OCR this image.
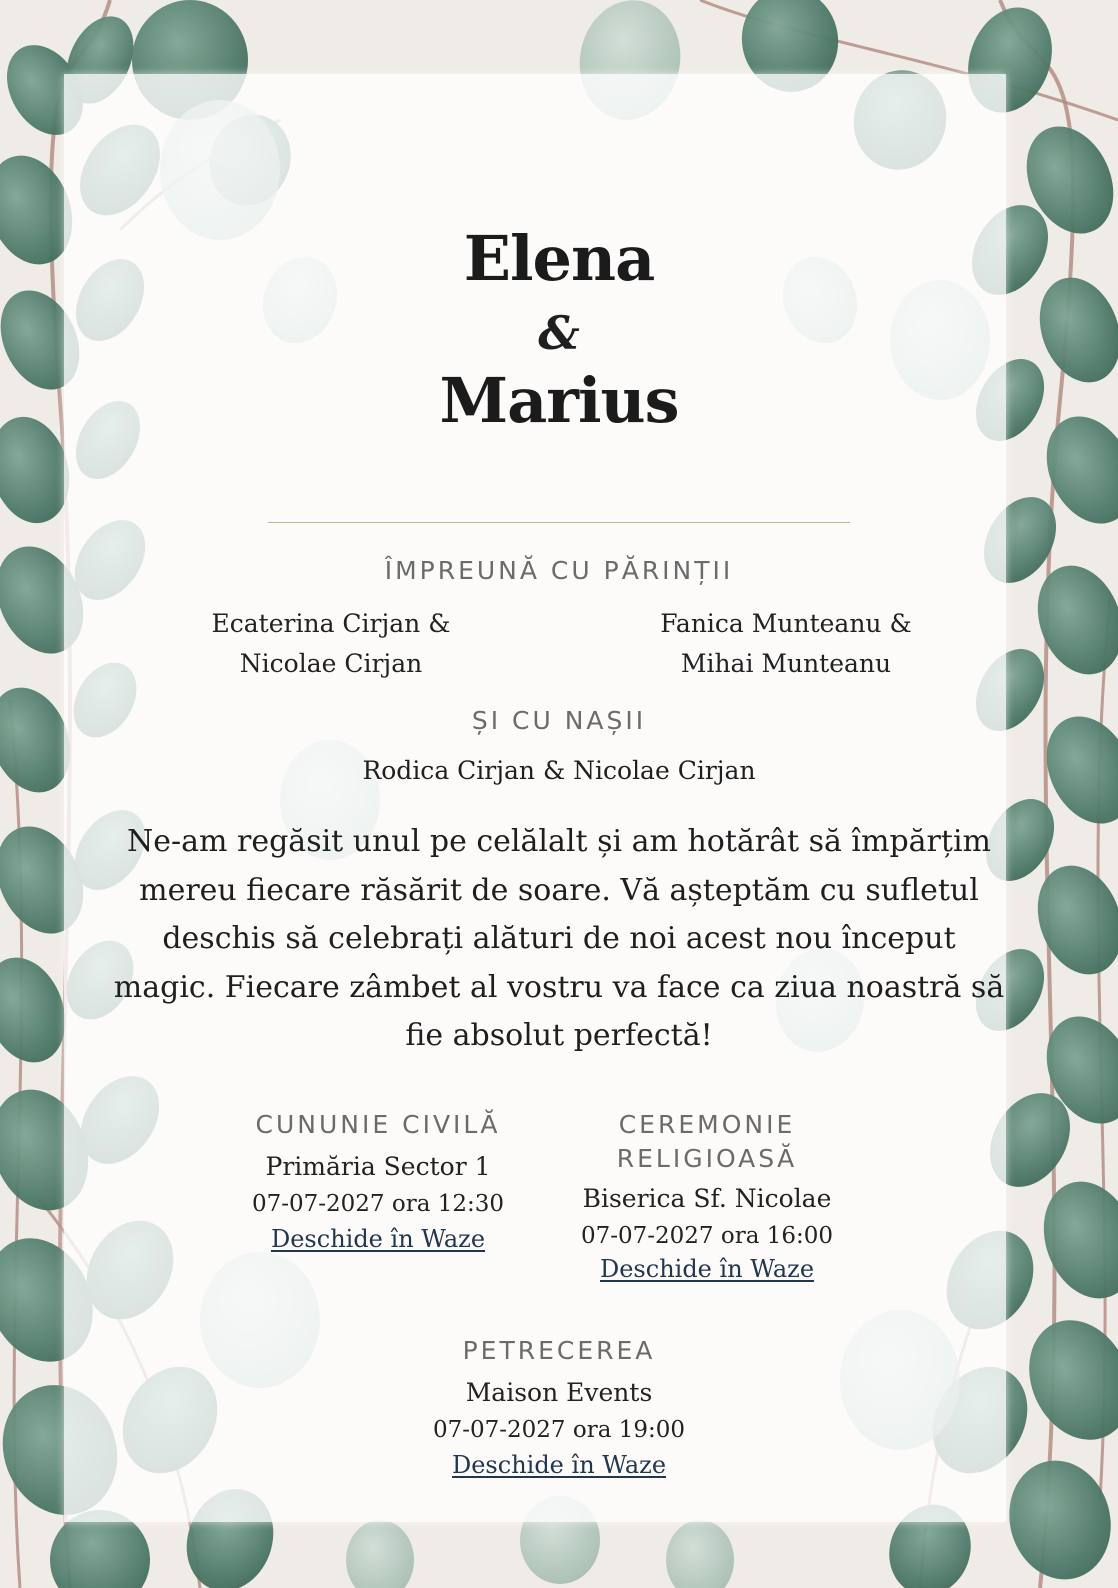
Elena
&
Marius
ÎMPREUNĂ CU PĂRINȚII
Ecaterina Cirjan &
Nicolae Cirjan
Fanica Munteanu &
Mihai Munteanu
ȘI CU NAȘII
Rodica Cirjan & Nicolae Cirjan
Ne-am regăsit unul pe celălalt și am hotărât să împărțim mereu fiecare răsărit de soare. Vă așteptăm cu sufletul deschis să celebrați alături de noi acest nou început magic. Fiecare zâmbet al vostru va face ca ziua noastră să fie absolut perfectă!
CUNUNIE CIVILĂ
Primăria Sector 1
07-07-2027 ora 12:30
Deschide în Waze
CEREMONIE
RELIGIOASĂ
Biserica Sf. Nicolae
07-07-2027 ora 16:00
Deschide în Waze
PETRECEREA
Maison Events
07-07-2027 ora 19:00
Deschide în Waze
